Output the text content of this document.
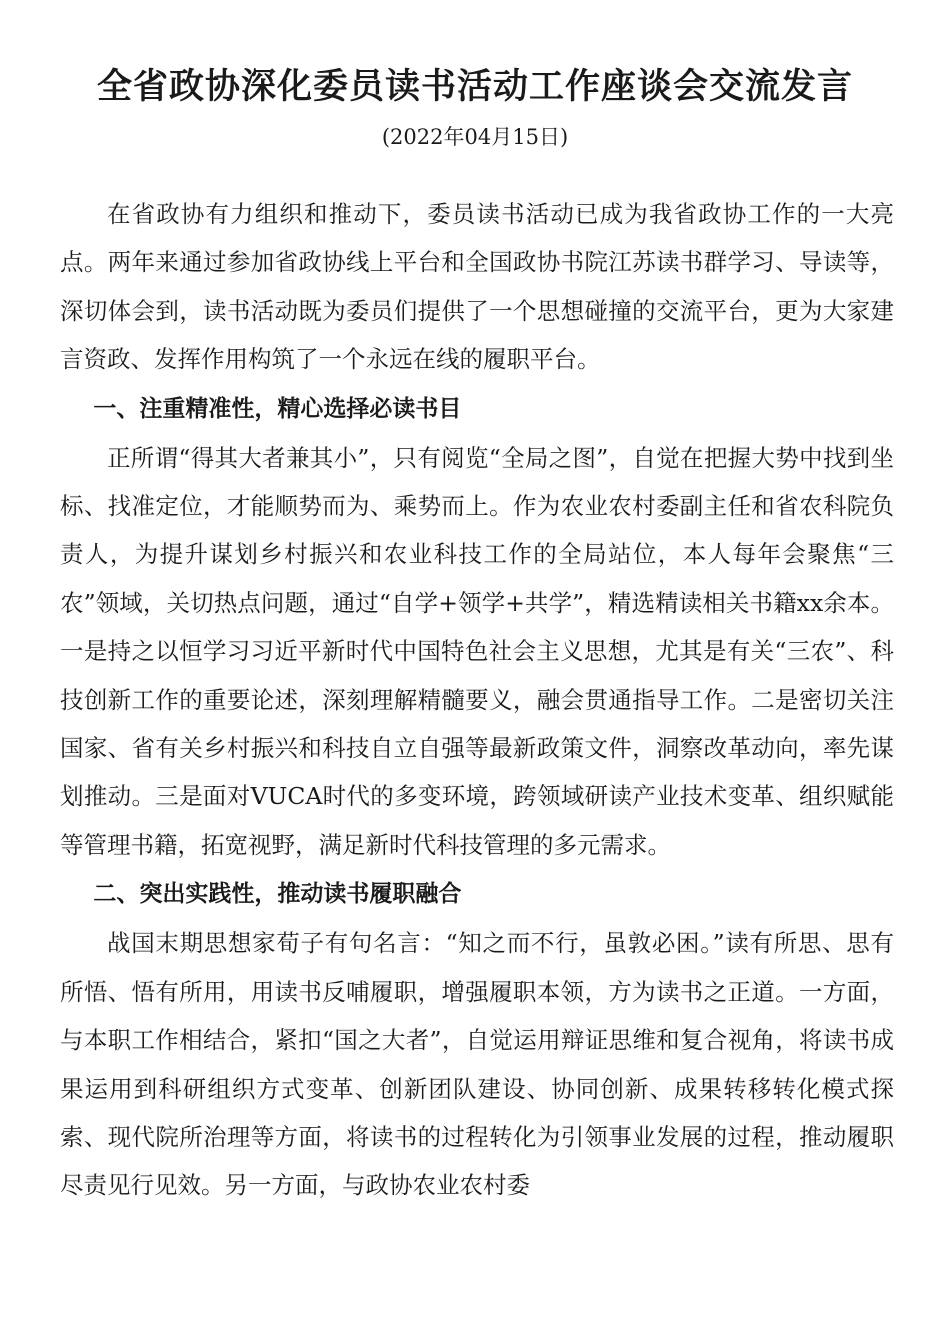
全省政协深化委员读书活动工作座谈会交流发言
(2022年04月15日)

在省政协有力组织和推动下，委员读书活动已成为我省政协工作的一大亮点。两年来通过参加省政协线上平台和全国政协书院江苏读书群学习、导读等，深切体会到，读书活动既为委员们提供了一个思想碰撞的交流平台，更为大家建言资政、发挥作用构筑了一个永远在线的履职平台。

一、注重精准性，精心选择必读书目

正所谓“得其大者兼其小”，只有阅览“全局之图”，自觉在把握大势中找到坐标、找准定位，才能顺势而为、乘势而上。作为农业农村委副主任和省农科院负责人，为提升谋划乡村振兴和农业科技工作的全局站位，本人每年会聚焦“三农”领域，关切热点问题，通过“自学+领学+共学”，精选精读相关书籍xx余本。一是持之以恒学习习近平新时代中国特色社会主义思想，尤其是有关“三农”、科技创新工作的重要论述，深刻理解精髓要义，融会贯通指导工作。二是密切关注国家、省有关乡村振兴和科技自立自强等最新政策文件，洞察改革动向，率先谋划推动。三是面对VUCA时代的多变环境，跨领域研读产业技术变革、组织赋能等管理书籍，拓宽视野，满足新时代科技管理的多元需求。

二、突出实践性，推动读书履职融合

战国末期思想家荀子有句名言：“知之而不行，虽敦必困。”读有所思、思有所悟、悟有所用，用读书反哺履职，增强履职本领，方为读书之正道。一方面，与本职工作相结合，紧扣“国之大者”，自觉运用辩证思维和复合视角，将读书成果运用到科研组织方式变革、创新团队建设、协同创新、成果转移转化模式探索、现代院所治理等方面，将读书的过程转化为引领事业发展的过程，推动履职尽责见行见效。另一方面，与政协农业农村委
